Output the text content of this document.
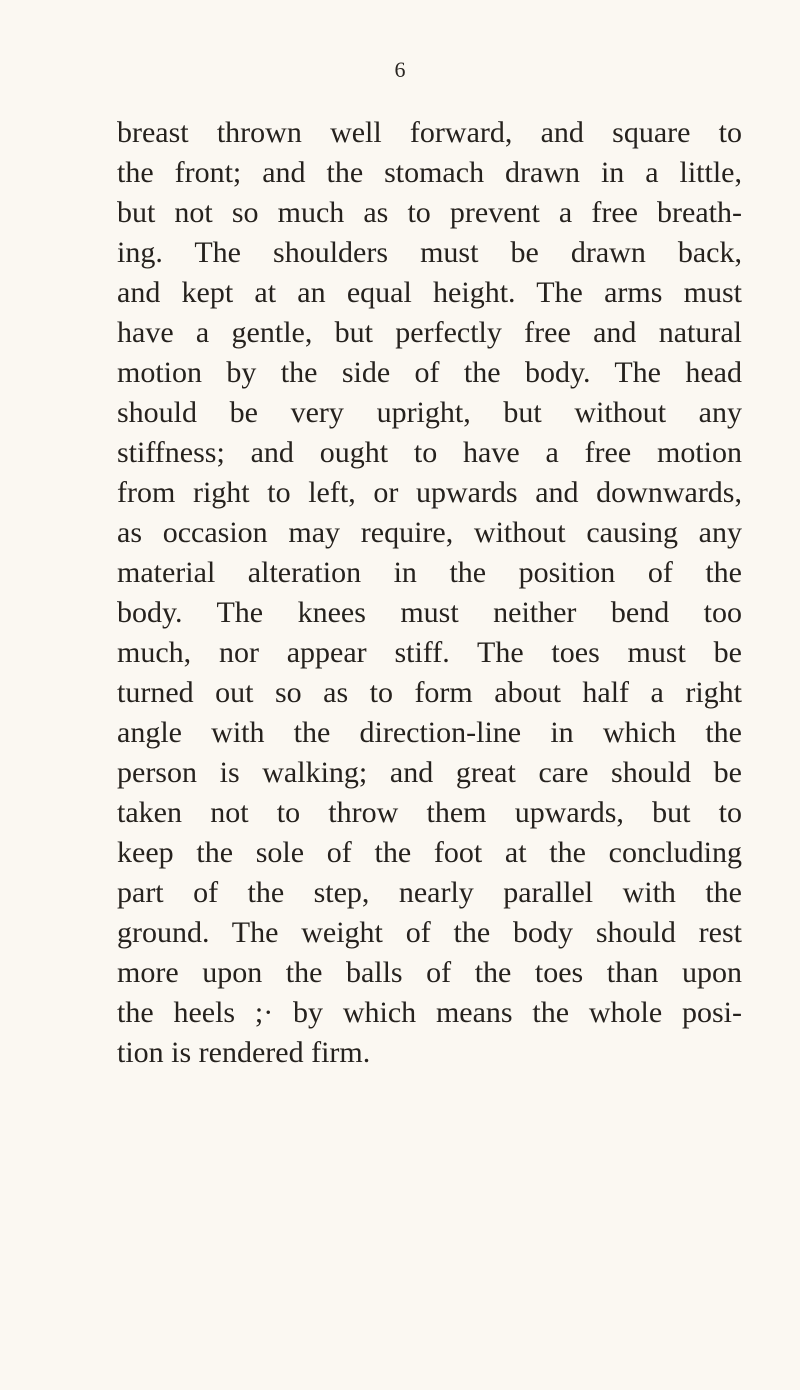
6
breast thrown well forward, and square to
the front; and the stomach drawn in a little,
but not so much as to prevent a free breath-
ing. The shoulders must be drawn back,
and kept at an equal height. The arms must
have a gentle, but perfectly free and natural
motion by the side of the body. The head
should be very upright, but without any
stiffness; and ought to have a free motion
from right to left, or upwards and downwards,
as occasion may require, without causing any
material alteration in the position of the
body. The knees must neither bend too
much, nor appear stiff. The toes must be
turned out so as to form about half a right
angle with the direction-line in which the
person is walking; and great care should be
taken not to throw them upwards, but to
keep the sole of the foot at the concluding
part of the step, nearly parallel with the
ground. The weight of the body should rest
more upon the balls of the toes than upon
the heels ;· by which means the whole posi-
tion is rendered firm.
